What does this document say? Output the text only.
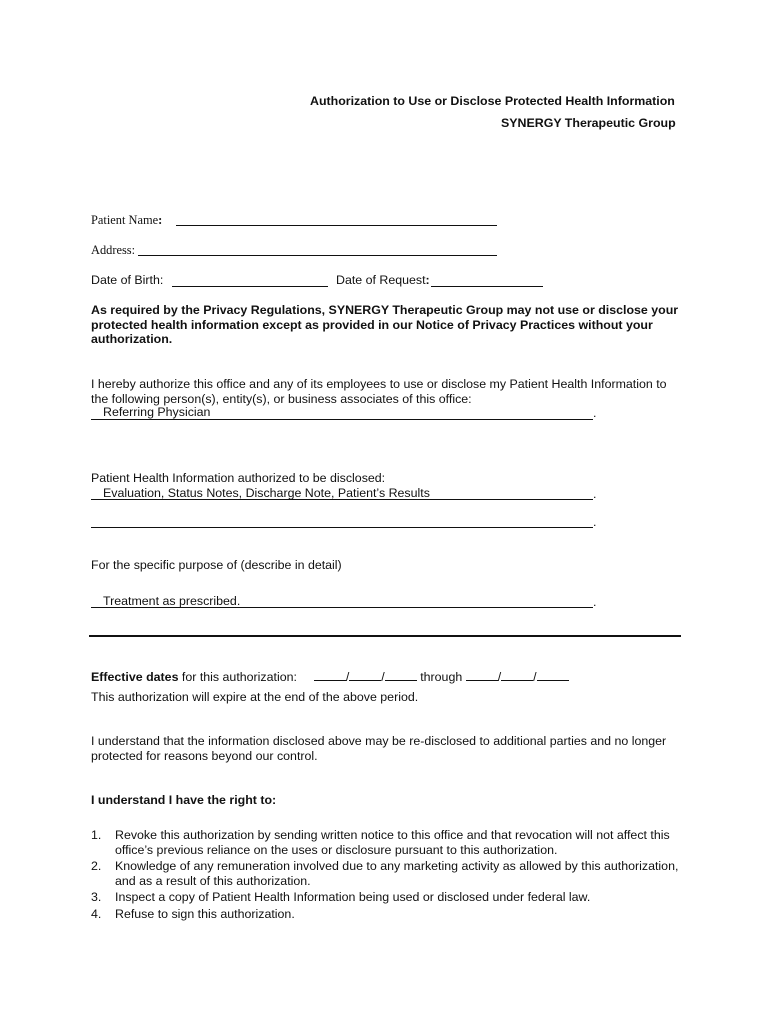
Authorization to Use or Disclose Protected Health Information
SYNERGY Therapeutic Group
Patient Name:
Address:
Date of Birth:	Date of Request:
As required by the Privacy Regulations, SYNERGY Therapeutic Group may not use or disclose your protected health information except as provided in our Notice of Privacy Practices without your authorization.
I hereby authorize this office and any of its employees to use or disclose my Patient Health Information to the following person(s), entity(s), or business associates of this office:
Referring Physician	.
Patient Health Information authorized to be disclosed:
Evaluation, Status Notes, Discharge Note, Patient’s Results	.
.
For the specific purpose of (describe in detail)
Treatment as prescribed.	.
Effective dates for this authorization:	/	/	through	/	/
This authorization will expire at the end of the above period.
I understand that the information disclosed above may be re-disclosed to additional parties and no longer protected for reasons beyond our control.
I understand I have the right to:
1. Revoke this authorization by sending written notice to this office and that revocation will not affect this office’s previous reliance on the uses or disclosure pursuant to this authorization.
2. Knowledge of any remuneration involved due to any marketing activity as allowed by this authorization, and as a result of this authorization.
3. Inspect a copy of Patient Health Information being used or disclosed under federal law.
4. Refuse to sign this authorization.
